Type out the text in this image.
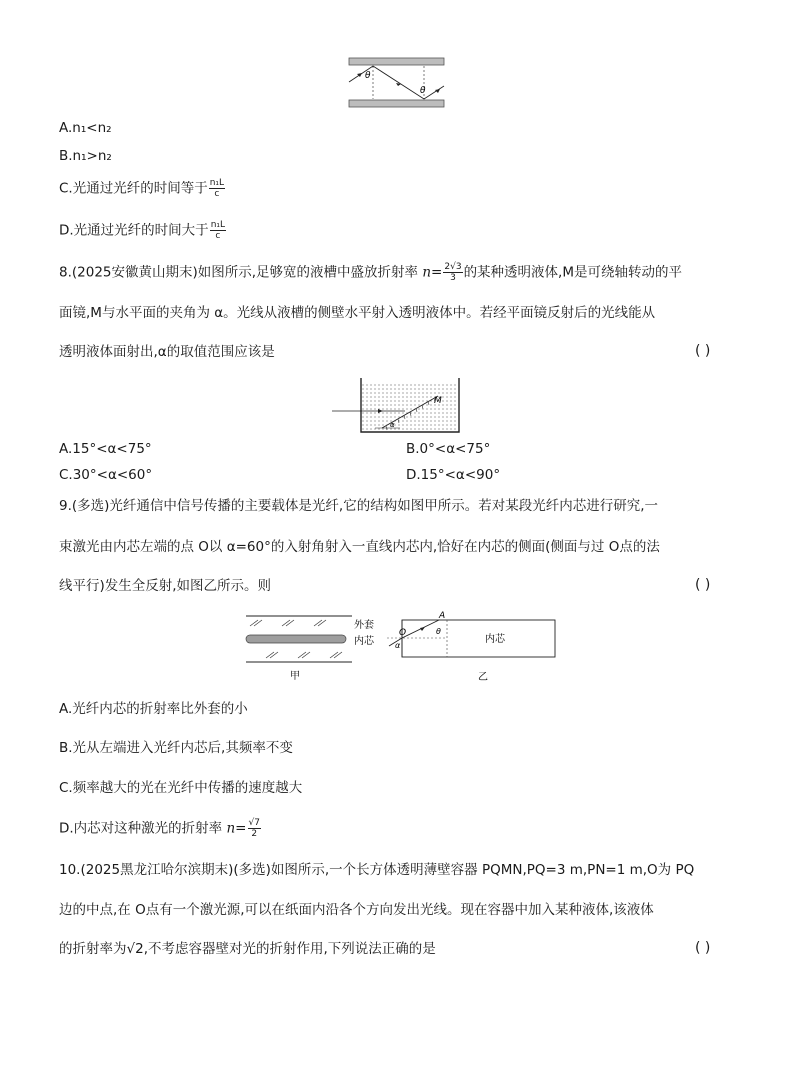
θ
θ
A.n₁<n₂
B.n₁>n₂
C.光通过光纤的时间等于 $\frac{\text{n₁L}}{c}$
D.光通过光纤的时间大于 $\frac{\text{n₁L}}{c}$
8.(2025安徽黄山期末)如图所示,足够宽的液槽中盛放折射率 $n= \frac{2√3}{3}$ 的某种透明液体,M是可绕轴转动的平
面镜,M与水平面的夹角为 α。光线从液槽的侧壁水平射入透明液体中。若经平面镜反射后的光线能从
透明液体面射出,α的取值范围应该是	( )
M
α
A.15°<α<75°	B.0°<α<75°
C.30°<α<60°	D.15°<α<90°
9.(多选)光纤通信中信号传播的主要载体是光纤,它的结构如图甲所示。若对某段光纤内芯进行研究,一
束激光由内芯左端的点 O以 α=60°的入射角射入一直线内芯内,恰好在内芯的侧面(侧面与过 O点的法
线平行)发生全反射,如图乙所示。则	( )
外套
内芯
甲
A
O
α
θ
内芯
乙
A.光纤内芯的折射率比外套的小
B.光从左端进入光纤内芯后,其频率不变
C.频率越大的光在光纤中传播的速度越大
D.内芯对这种激光的折射率 $n= \frac{√7}{2}$
10.(2025黑龙江哈尔滨期末)(多选)如图所示,一个长方体透明薄壁容器 PQMN,PQ=3 m,PN=1 m,O为 PQ
边的中点,在 O点有一个激光源,可以在纸面内沿各个方向发出光线。现在容器中加入某种液体,该液体
的折射率为√2,不考虑容器壁对光的折射作用,下列说法正确的是	( )
